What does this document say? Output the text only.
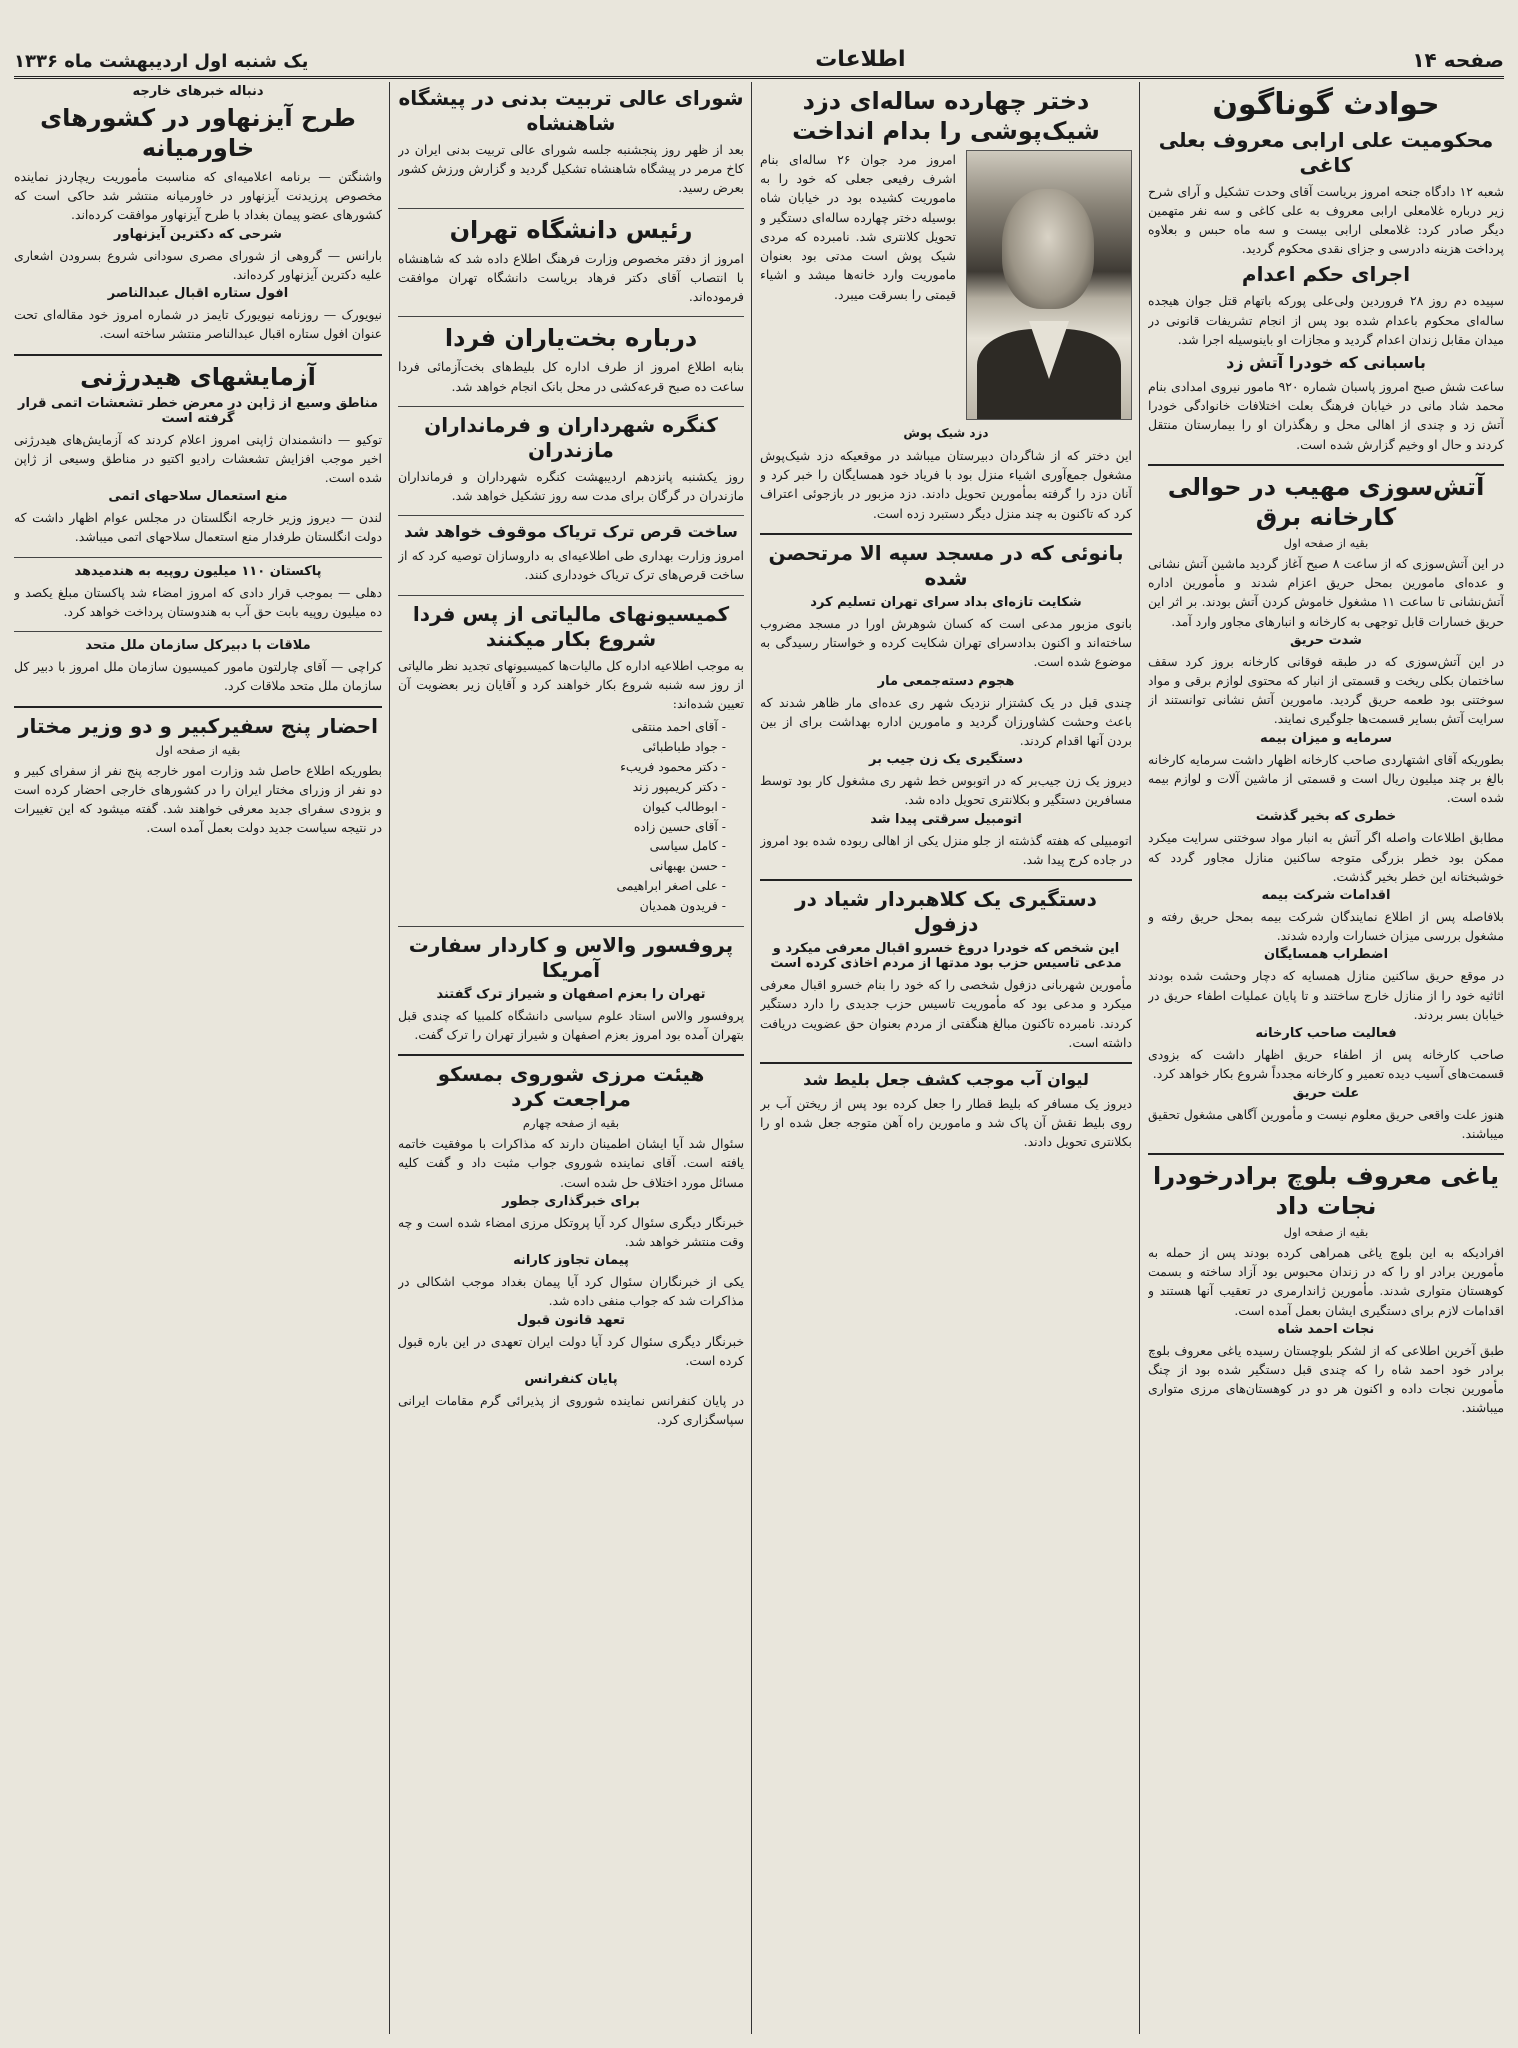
صفحه ۱۴
اطلاعات
یک شنبه اول اردیبهشت ماه ۱۳۳۶
حوادث گوناگون
محکومیت علی ارابی معروف بعلی کاغی
شعبه ۱۲ دادگاه جنحه امروز بریاست آقای وحدت تشکیل و آرای شرح زیر درباره غلامعلی ارابی معروف به علی کاغی و سه نفر متهمین دیگر صادر کرد: غلامعلی ارابی بیست و سه ماه حبس و بعلاوه پرداخت هزینه دادرسی و جزای نقدی محکوم گردید.
اجرای حکم اعدام
سپیده دم روز ۲۸ فروردین ولی‌علی پورکه باتهام قتل جوان هیجده ساله‌ای محکوم باعدام شده بود پس از انجام تشریفات قانونی در میدان مقابل زندان اعدام گردید و مجازات او باینوسیله اجرا شد.
باسبانی که خودرا آتش زد
ساعت شش صبح امروز پاسبان شماره ۹۲۰ مامور نیروی امدادی بنام محمد شاد مانی در خیابان فرهنگ بعلت اختلافات خانوادگی خودرا آتش زد و چندی از اهالی محل و رهگذران او را بیمارستان منتقل کردند و حال او وخیم گزارش شده است.
آتش‌سوزی مهیب در حوالی کارخانه برق
بقیه از صفحه اول
در این آتش‌سوزی که از ساعت ۸ صبح آغاز گردید ماشین آتش نشانی و عده‌ای مامورین بمحل حریق اعزام شدند و مأمورین اداره آتش‌نشانی تا ساعت ۱۱ مشغول خاموش کردن آتش بودند. بر اثر این حریق خسارات قابل توجهی به کارخانه و انبارهای مجاور وارد آمد.
شدت حریق
در این آتش‌سوزی که در طبقه فوقانی کارخانه بروز کرد سقف ساختمان بکلی ریخت و قسمتی از انبار که محتوی لوازم برقی و مواد سوختنی بود طعمه حریق گردید. مامورین آتش نشانی توانستند از سرایت آتش بسایر قسمت‌ها جلوگیری نمایند.
سرمایه و میزان بیمه
بطوریکه آقای اشتهاردی صاحب کارخانه اظهار داشت سرمایه کارخانه بالغ بر چند میلیون ریال است و قسمتی از ماشین آلات و لوازم بیمه شده است.
خطری که بخیر گذشت
مطابق اطلاعات واصله اگر آتش به انبار مواد سوختنی سرایت میکرد ممکن بود خطر بزرگی متوجه ساکنین منازل مجاور گردد که خوشبختانه این خطر بخیر گذشت.
اقدامات شرکت بیمه
بلافاصله پس از اطلاع نمایندگان شرکت بیمه بمحل حریق رفته و مشغول بررسی میزان خسارات وارده شدند.
اضطراب همسایگان
در موقع حریق ساکنین منازل همسایه که دچار وحشت شده بودند اثاثیه خود را از منازل خارج ساختند و تا پایان عملیات اطفاء حریق در خیابان بسر بردند.
فعالیت صاحب کارخانه
صاحب کارخانه پس از اطفاء حریق اظهار داشت که بزودی قسمت‌های آسیب دیده تعمیر و کارخانه مجدداً شروع بکار خواهد کرد.
علت حریق
هنوز علت واقعی حریق معلوم نیست و مأمورین آگاهی مشغول تحقیق میباشند.
یاغی معروف بلوچ برادرخودرا نجات داد
بقیه از صفحه اول
افرادیکه به این بلوچ یاغی همراهی کرده بودند پس از حمله به مأمورین برادر او را که در زندان محبوس بود آزاد ساخته و بسمت کوهستان متواری شدند. مأمورین ژاندارمری در تعقیب آنها هستند و اقدامات لازم برای دستگیری ایشان بعمل آمده است.
نجات احمد شاه
طبق آخرین اطلاعی که از لشکر بلوچستان رسیده یاغی معروف بلوچ برادر خود احمد شاه را که چندی قبل دستگیر شده بود از چنگ مأمورین نجات داده و اکنون هر دو در کوهستان‌های مرزی متواری میباشند.
دختر چهارده ساله‌ای دزد شیک‌پوشی را بدام انداخت
امروز مرد جوان ۲۶ ساله‌ای بنام اشرف رفیعی جعلی که خود را به ماموریت کشیده بود در خیابان شاه بوسیله دختر چهارده ساله‌ای دستگیر و تحویل کلانتری شد. نامبرده که مردی شیک پوش است مدتی بود بعنوان ماموریت وارد خانه‌ها میشد و اشیاء قیمتی را بسرقت میبرد.
دزد شیک پوش
این دختر که از شاگردان دبیرستان میباشد در موقعیکه دزد شیک‌پوش مشغول جمع‌آوری اشیاء منزل بود با فریاد خود همسایگان را خبر کرد و آنان دزد را گرفته بمأمورین تحویل دادند. دزد مزبور در بازجوئی اعتراف کرد که تاکنون به چند منزل دیگر دستبرد زده است.
بانوئی که در مسجد سپه الا مرتحصن شده
شکایت تازه‌ای بداد سرای تهران تسلیم کرد
بانوی مزبور مدعی است که کسان شوهرش اورا در مسجد مضروب ساخته‌اند و اکنون بدادسرای تهران شکایت کرده و خواستار رسیدگی به موضوع شده است.
هجوم دسته‌جمعی مار
چندی قبل در یک کشتزار نزدیک شهر ری عده‌ای مار ظاهر شدند که باعث وحشت کشاورزان گردید و مامورین اداره بهداشت برای از بین بردن آنها اقدام کردند.
دستگیری یک زن جیب بر
دیروز یک زن جیب‌بر که در اتوبوس خط شهر ری مشغول کار بود توسط مسافرین دستگیر و بکلانتری تحویل داده شد.
اتومبیل سرقتی پیدا شد
اتومبیلی که هفته گذشته از جلو منزل یکی از اهالی ربوده شده بود امروز در جاده کرج پیدا شد.
دستگیری یک کلاهبردار شیاد در دزفول
این شخص که خودرا دروغ خسرو اقبال معرفی میکرد و مدعی تاسیس حزب بود مدتها از مردم اخاذی کرده است
مأمورین شهربانی دزفول شخصی را که خود را بنام خسرو اقبال معرفی میکرد و مدعی بود که مأموریت تاسیس حزب جدیدی را دارد دستگیر کردند. نامبرده تاکنون مبالغ هنگفتی از مردم بعنوان حق عضویت دریافت داشته است.
لیوان آب موجب کشف جعل بلیط شد
دیروز یک مسافر که بلیط قطار را جعل کرده بود پس از ریختن آب بر روی بلیط نقش آن پاک شد و مامورین راه آهن متوجه جعل شده او را بکلانتری تحویل دادند.
شورای عالی تربیت بدنی در پیشگاه شاهنشاه
بعد از ظهر روز پنجشنبه جلسه شورای عالی تربیت بدنی ایران در کاخ مرمر در پیشگاه شاهنشاه تشکیل گردید و گزارش ورزش کشور بعرض رسید.
رئیس دانشگاه تهران
امروز از دفتر مخصوص وزارت فرهنگ اطلاع داده شد که شاهنشاه با انتصاب آقای دکتر فرهاد بریاست دانشگاه تهران موافقت فرموده‌اند.
درباره بخت‌یاران فردا
بنابه اطلاع امروز از طرف اداره کل بلیط‌های بخت‌آزمائی فردا ساعت ده صبح قرعه‌کشی در محل بانک انجام خواهد شد.
کنگره شهرداران و فرمانداران مازندران
روز یکشنبه پانزدهم اردیبهشت کنگره شهرداران و فرمانداران مازندران در گرگان برای مدت سه روز تشکیل خواهد شد.
ساخت قرص ترک تریاک موقوف خواهد شد
امروز وزارت بهداری طی اطلاعیه‌ای به داروسازان توصیه کرد که از ساخت قرص‌های ترک تریاک خودداری کنند.
کمیسیونهای مالیاتی از پس فردا شروع بکار میکنند
به موجب اطلاعیه اداره کل مالیات‌ها کمیسیونهای تجدید نظر مالیاتی از روز سه شنبه شروع بکار خواهند کرد و آقایان زیر بعضویت آن تعیین شده‌اند:
- آقای احمد منتقی
- جواد طباطبائی
- دکتر محمود فریبء
- دکتر کریمپور زند
- ابوطالب کیوان
- آقای حسین زاده
- کامل سیاسی
- حسن بهبهانی
- علی اصغر ابراهیمی
- فریدون همدیان
پروفسور والاس و کاردار سفارت آمریکا
تهران را بعزم اصفهان و شیراز ترک گفتند
پروفسور والاس استاد علوم سیاسی دانشگاه کلمبیا که چندی قبل بتهران آمده بود امروز بعزم اصفهان و شیراز تهران را ترک گفت.
هیئت مرزی شوروی بمسکو مراجعت کرد
بقیه از صفحه چهارم
سئوال شد آیا ایشان اطمینان دارند که مذاکرات با موفقیت خاتمه یافته است. آقای نماینده شوروی جواب مثبت داد و گفت کلیه مسائل مورد اختلاف حل شده است.
برای خبرگذاری جطور
خبرنگار دیگری سئوال کرد آیا پروتکل مرزی امضاء شده است و چه وقت منتشر خواهد شد.
پیمان تجاوز کارانه
یکی از خبرنگاران سئوال کرد آیا پیمان بغداد موجب اشکالی در مذاکرات شد که جواب منفی داده شد.
تعهد قانون قبول
خبرنگار دیگری سئوال کرد آیا دولت ایران تعهدی در این باره قبول کرده است.
پایان کنفرانس
در پایان کنفرانس نماینده شوروی از پذیرائی گرم مقامات ایرانی سپاسگزاری کرد.
دنباله خبرهای خارجه
طرح آیزنهاور در کشورهای خاورمیانه
واشنگتن — برنامه اعلامیه‌ای که مناسبت مأموریت ریچاردز نماینده مخصوص پرزیدنت آیزنهاور در خاورمیانه منتشر شد حاکی است که کشورهای عضو پیمان بغداد با طرح آیزنهاور موافقت کرده‌اند.
شرحی که دکترین آیزنهاور
بارانس — گروهی از شورای مصری سودانی شروع بسرودن اشعاری علیه دکترین آیزنهاور کرده‌اند.
افول ستاره اقبال عبدالناصر
نیویورک — روزنامه نیویورک تایمز در شماره امروز خود مقاله‌ای تحت عنوان افول ستاره اقبال عبدالناصر منتشر ساخته است.
آزمایشهای هیدرژنی
مناطق وسیع از ژاپن در معرض خطر تشعشات اتمی قرار گرفته است
توکیو — دانشمندان ژاپنی امروز اعلام کردند که آزمایش‌های هیدرژنی اخیر موجب افزایش تشعشات رادیو اکتیو در مناطق وسیعی از ژاپن شده است.
منع استعمال سلاحهای اتمی
لندن — دیروز وزیر خارجه انگلستان در مجلس عوام اظهار داشت که دولت انگلستان طرفدار منع استعمال سلاحهای اتمی میباشد.
پاکستان ۱۱۰ میلیون روپیه به هندمیدهد
دهلی — بموجب قرار دادی که امروز امضاء شد پاکستان مبلغ یکصد و ده میلیون روپیه بابت حق آب به هندوستان پرداخت خواهد کرد.
ملاقات با دبیرکل سازمان ملل متحد
کراچی — آقای چارلتون مامور کمیسیون سازمان ملل امروز با دبیر کل سازمان ملل متحد ملاقات کرد.
احضار پنج سفیرکبیر و دو وزیر مختار
بقیه از صفحه اول
بطوریکه اطلاع حاصل شد وزارت امور خارجه پنج نفر از سفرای کبیر و دو نفر از وزرای مختار ایران را در کشورهای خارجی احضار کرده است و بزودی سفرای جدید معرفی خواهند شد. گفته میشود که این تغییرات در نتیجه سیاست جدید دولت بعمل آمده است.
